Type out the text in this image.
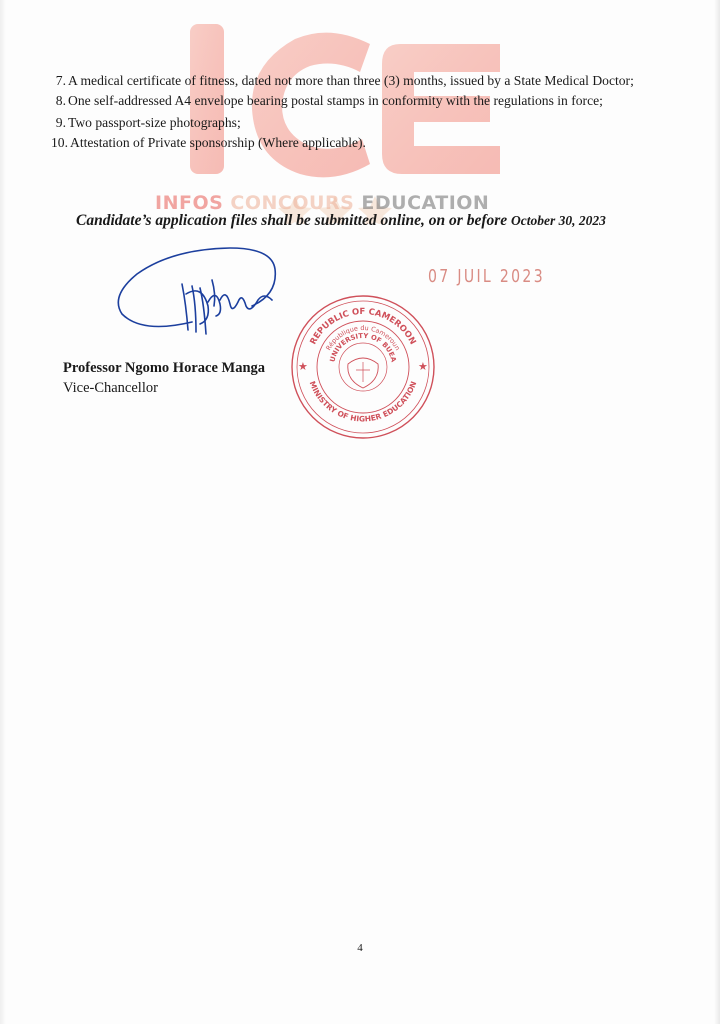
INFOS CONCOURS EDUCATION
7. A medical certificate of fitness, dated not more than three (3) months, issued by a State Medical Doctor;
8. One self-addressed A4 envelope bearing postal stamps in conformity with the regulations in force;
9. Two passport-size photographs;
10. Attestation of Private sponsorship (Where applicable).
Candidate’s application files shall be submitted online, on or before October 30, 2023
07 JUIL 2023
REPUBLIC OF CAMEROON
République du Cameroun
UNIVERSITY OF BUEA
MINISTRY OF HIGHER EDUCATION
★	★
Professor Ngomo Horace Manga
Vice-Chancellor
4
